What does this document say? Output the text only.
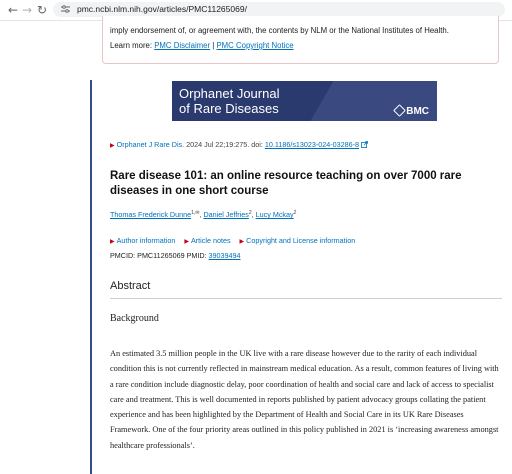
← → ↻	pmc.ncbi.nlm.nih.gov/articles/PMC11265069/
imply endorsement of, or agreement with, the contents by NLM or the National Institutes of Health.
Learn more: PMC Disclaimer | PMC Copyright Notice
Orphanet Journal
of Rare Diseases	BMC
▶ Orphanet J Rare Dis. 2024 Jul 22;19:275. doi: 10.1186/s13023-024-03286-8
Rare disease 101: an online resource teaching on over 7000 rare diseases in one short course
Thomas Frederick Dunne$^{1,✉}$, Daniel Jeffries$^2$, Lucy Mckay$^2$
▶ Author information ▶ Article notes ▶ Copyright and License information
PMCID: PMC11265069 PMID: 39039494
Abstract
Background

An estimated 3.5 million people in the UK live with a rare disease however due to the rarity of each individual condition this is not currently reflected in mainstream medical education. As a result, common features of living with a rare condition include diagnostic delay, poor coordination of health and social care and lack of access to specialist care and treatment. This is well documented in reports published by patient advocacy groups collating the patient experience and has been highlighted by the Department of Health and Social Care in its UK Rare Diseases Framework. One of the four priority areas outlined in this policy published in 2021 is ‘increasing awareness amongst healthcare professionals’.
